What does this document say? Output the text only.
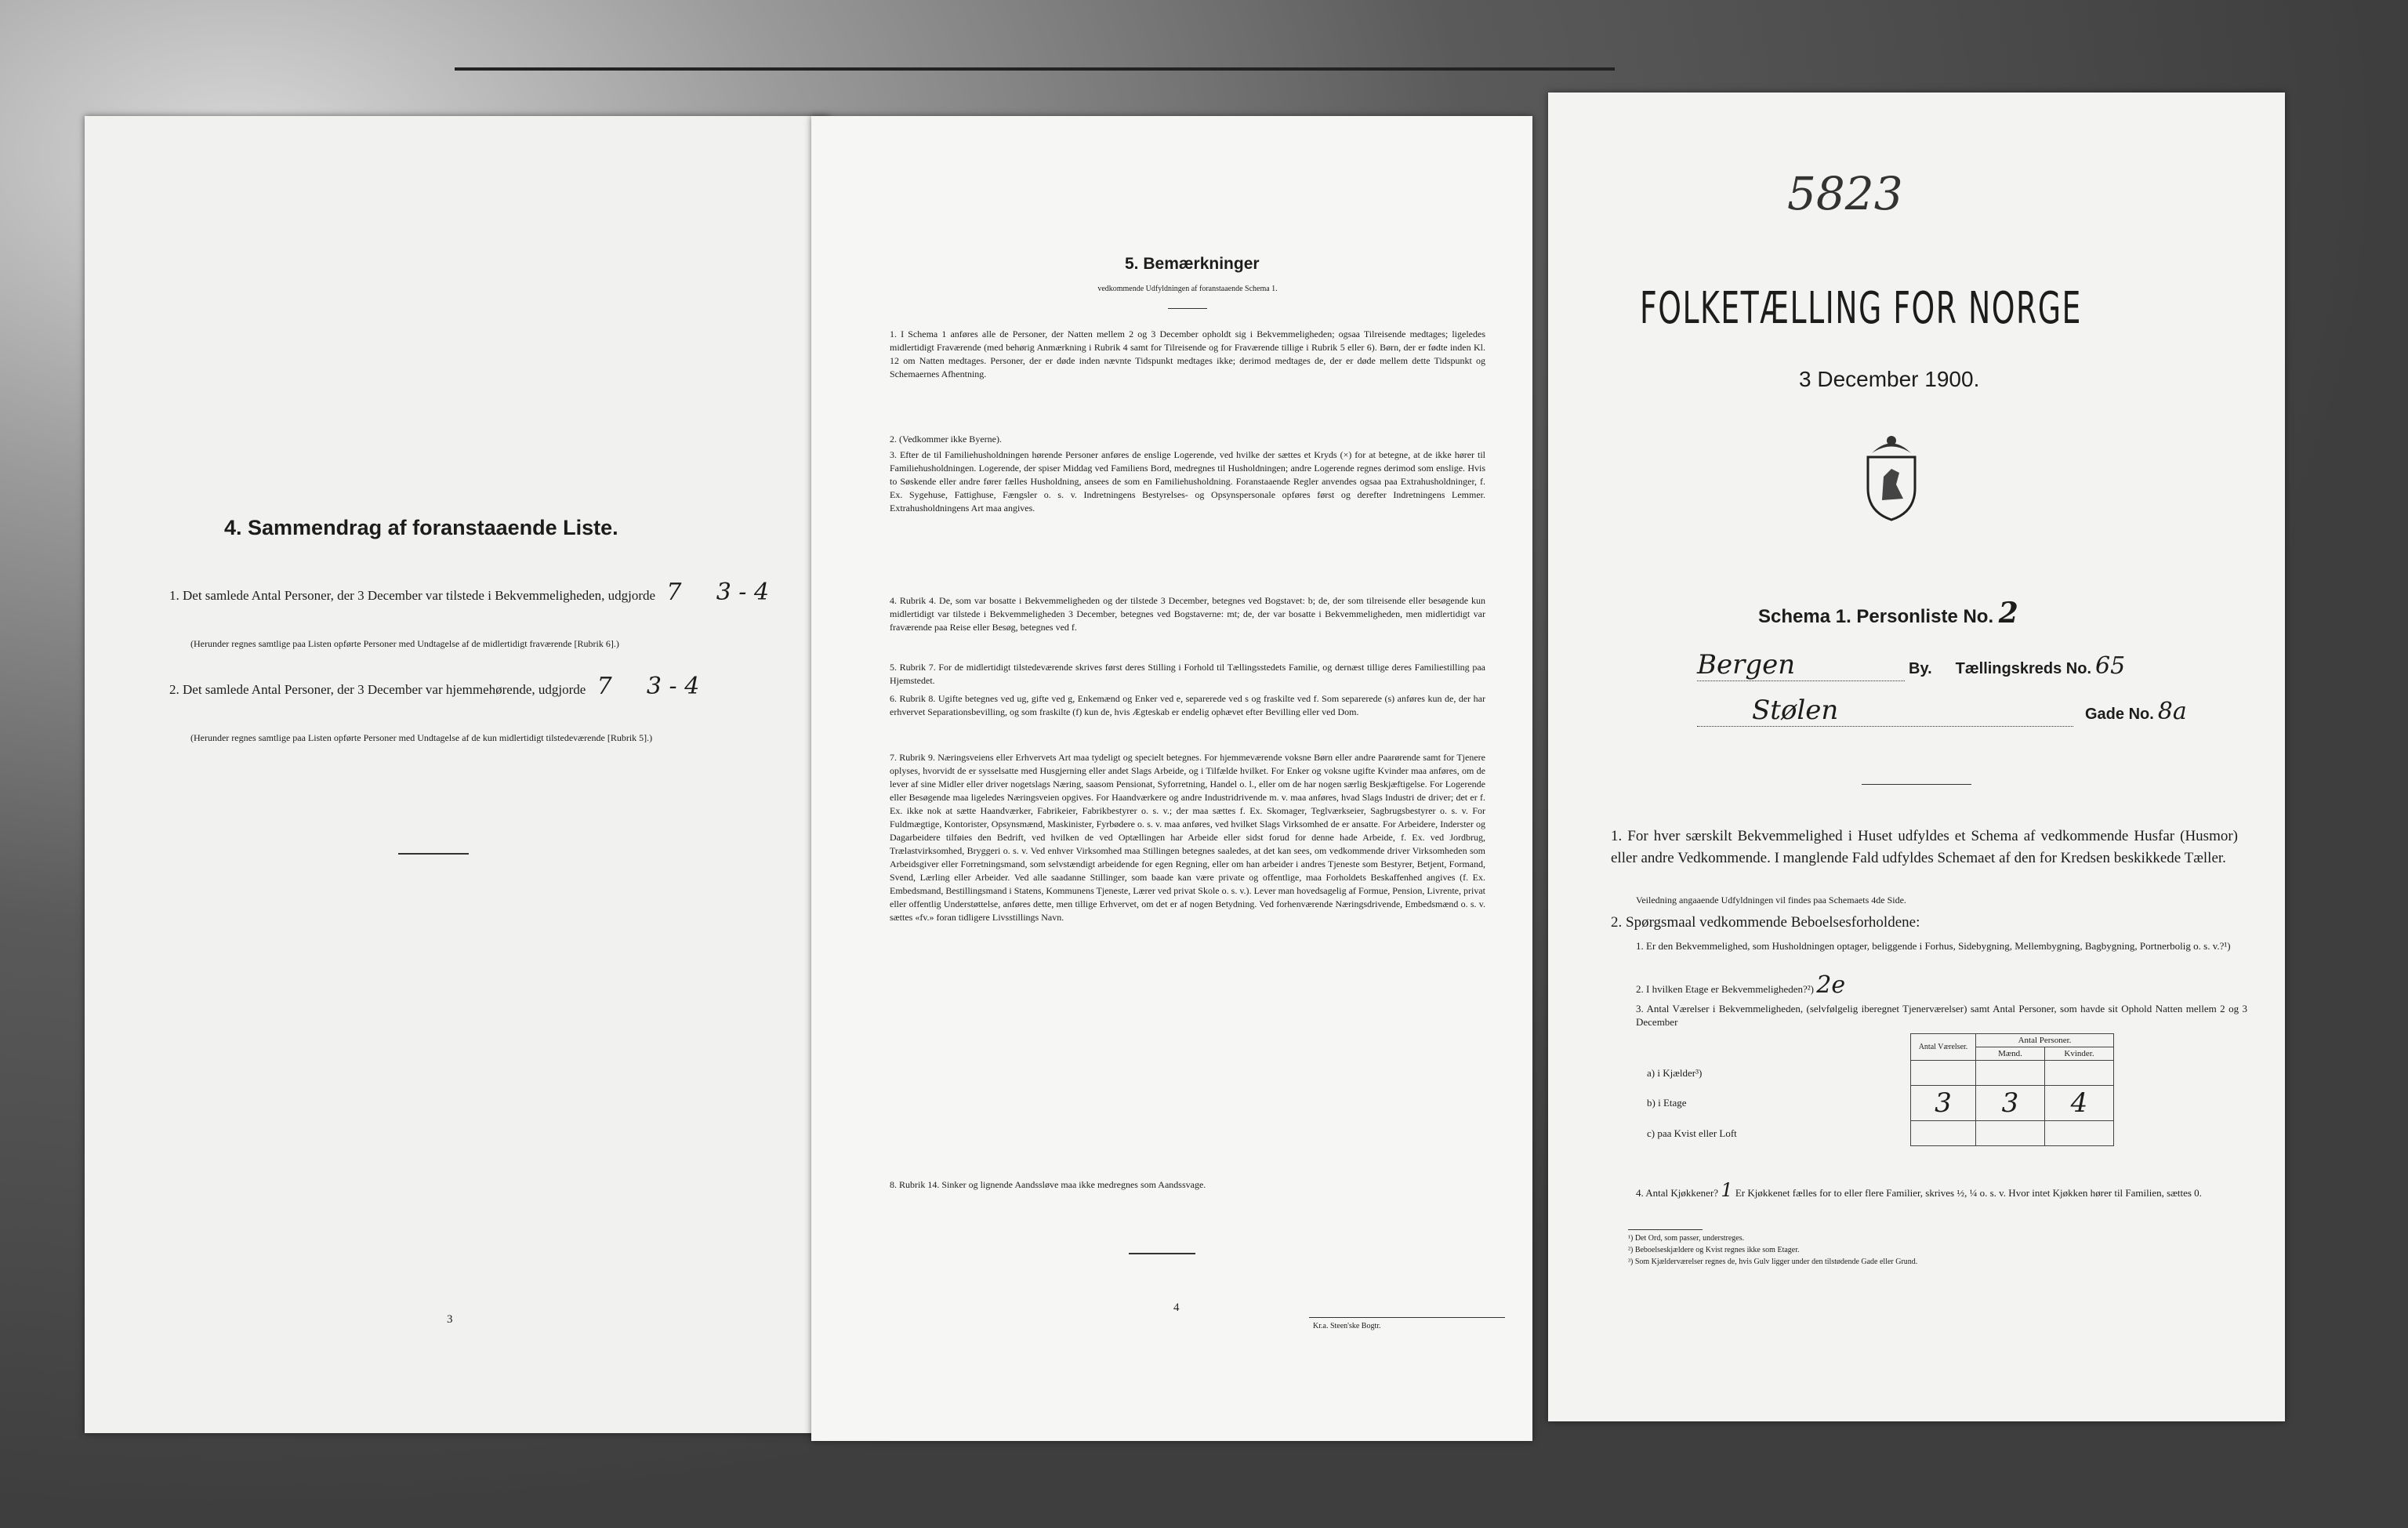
4. Sammendrag af foranstaaende Liste.
1. Det samlede Antal Personer, der 3 December var tilstede i Bekvemmeligheden, udgjorde 7 3 - 4
(Herunder regnes samtlige paa Listen opførte Personer med Undtagelse af de midlertidigt fraværende [Rubrik 6].)
2. Det samlede Antal Personer, der 3 December var hjemmehørende, udgjorde 7 3 - 4
(Herunder regnes samtlige paa Listen opførte Personer med Undtagelse af de kun midlertidigt tilstedeværende [Rubrik 5].)
3
5. Bemærkninger
vedkommende Udfyldningen af foranstaaende Schema 1.
1. I Schema 1 anføres alle de Personer, der Natten mellem 2 og 3 December opholdt sig i Bekvemmeligheden; ogsaa Tilreisende medtages; ligeledes midlertidigt Fraværende (med behørig Anmærkning i Rubrik 4 samt for Tilreisende og for Fraværende tillige i Rubrik 5 eller 6). Børn, der er fødte inden Kl. 12 om Natten medtages. Personer, der er døde inden nævnte Tidspunkt medtages ikke; derimod medtages de, der er døde mellem dette Tidspunkt og Schemaernes Afhentning.
2. (Vedkommer ikke Byerne).
3. Efter de til Familiehusholdningen hørende Personer anføres de enslige Logerende, ved hvilke der sættes et Kryds (×) for at betegne, at de ikke hører til Familiehusholdningen. Logerende, der spiser Middag ved Familiens Bord, medregnes til Husholdningen; andre Logerende regnes derimod som enslige. Hvis to Søskende eller andre fører fælles Husholdning, ansees de som en Familiehusholdning. Foranstaaende Regler anvendes ogsaa paa Extrahusholdninger, f. Ex. Sygehuse, Fattighuse, Fængsler o. s. v. Indretningens Bestyrelses- og Opsynspersonale opføres først og derefter Indretningens Lemmer. Extrahusholdningens Art maa angives.
4. Rubrik 4. De, som var bosatte i Bekvemmeligheden og der tilstede 3 December, betegnes ved Bogstavet: b; de, der som tilreisende eller besøgende kun midlertidigt var tilstede i Bekvemmeligheden 3 December, betegnes ved Bogstaverne: mt; de, der var bosatte i Bekvemmeligheden, men midlertidigt var fraværende paa Reise eller Besøg, betegnes ved f.
5. Rubrik 7. For de midlertidigt tilstedeværende skrives først deres Stilling i Forhold til Tællingsstedets Familie, og dernæst tillige deres Familiestilling paa Hjemstedet.
6. Rubrik 8. Ugifte betegnes ved ug, gifte ved g, Enkemænd og Enker ved e, separerede ved s og fraskilte ved f. Som separerede (s) anføres kun de, der har erhvervet Separationsbevilling, og som fraskilte (f) kun de, hvis Ægteskab er endelig ophævet efter Bevilling eller ved Dom.
7. Rubrik 9. Næringsveiens eller Erhvervets Art maa tydeligt og specielt betegnes. For hjemmeværende voksne Børn eller andre Paarørende samt for Tjenere oplyses, hvorvidt de er sysselsatte med Husgjerning eller andet Slags Arbeide, og i Tilfælde hvilket. For Enker og voksne ugifte Kvinder maa anføres, om de lever af sine Midler eller driver nogetslags Næring, saasom Pensionat, Syforretning, Handel o. l., eller om de har nogen særlig Beskjæftigelse. For Logerende eller Besøgende maa ligeledes Næringsveien opgives. For Haandværkere og andre Industridrivende m. v. maa anføres, hvad Slags Industri de driver; det er f. Ex. ikke nok at sætte Haandværker, Fabrikeier, Fabrikbestyrer o. s. v.; der maa sættes f. Ex. Skomager, Teglværkseier, Sagbrugsbestyrer o. s. v. For Fuldmægtige, Kontorister, Opsynsmænd, Maskinister, Fyrbødere o. s. v. maa anføres, ved hvilket Slags Virksomhed de er ansatte. For Arbeidere, Inderster og Dagarbeidere tilføies den Bedrift, ved hvilken de ved Optællingen har Arbeide eller sidst forud for denne hade Arbeide, f. Ex. ved Jordbrug, Trælastvirksomhed, Bryggeri o. s. v. Ved enhver Virksomhed maa Stillingen betegnes saaledes, at det kan sees, om vedkommende driver Virksomheden som Arbeidsgiver eller Forretningsmand, som selvstændigt arbeidende for egen Regning, eller om han arbeider i andres Tjeneste som Bestyrer, Betjent, Formand, Svend, Lærling eller Arbeider. Ved alle saadanne Stillinger, som baade kan være private og offentlige, maa Forholdets Beskaffenhed angives (f. Ex. Embedsmand, Bestillingsmand i Statens, Kommunens Tjeneste, Lærer ved privat Skole o. s. v.). Lever man hovedsagelig af Formue, Pension, Livrente, privat eller offentlig Understøttelse, anføres dette, men tillige Erhvervet, om det er af nogen Betydning. Ved forhenværende Næringsdrivende, Embedsmænd o. s. v. sættes «fv.» foran tidligere Livsstillings Navn.
8. Rubrik 14. Sinker og lignende Aandssløve maa ikke medregnes som Aandssvage.
4
Kr.a. Steen'ske Bogtr.
5823
FOLKETÆLLING FOR NORGE
3 December 1900.
Schema 1. Personliste No. 2
Bergen	By. Tællingskreds No. 65
Stølen	Gade No. 8a
1. For hver særskilt Bekvemmelighed i Huset udfyldes et Schema af vedkommende Husfar (Husmor) eller andre Vedkommende. I manglende Fald udfyldes Schemaet af den for Kredsen beskikkede Tæller.
Veiledning angaaende Udfyldningen vil findes paa Schemaets 4de Side.
2. Spørgsmaal vedkommende Beboelsesforholdene:
1. Er den Bekvemmelighed, som Husholdningen optager, beliggende i Forhus, Sidebygning, Mellembygning, Bagbygning, Portnerbolig o. s. v.?¹)
2. I hvilken Etage er Bekvemmeligheden?²) 2e
3. Antal Værelser i Bekvemmeligheden, (selvfølgelig iberegnet Tjenerværelser) samt Antal Personer, som havde sit Ophold Natten mellem 2 og 3 December
	Antal Værelser.	Antal Personer.	
		Mænd.	Kvinder.
a) i Kjælder³)			
b) i Etage	3	3	4
c) paa Kvist eller Loft			
4. Antal Kjøkkener? 1 Er Kjøkkenet fælles for to eller flere Familier, skrives ½, ¼ o. s. v. Hvor intet Kjøkken hører til Familien, sættes 0.
¹) Det Ord, som passer, understreges.
²) Beboelseskjældere og Kvist regnes ikke som Etager.
³) Som Kjælderværelser regnes de, hvis Gulv ligger under den tilstødende Gade eller Grund.
